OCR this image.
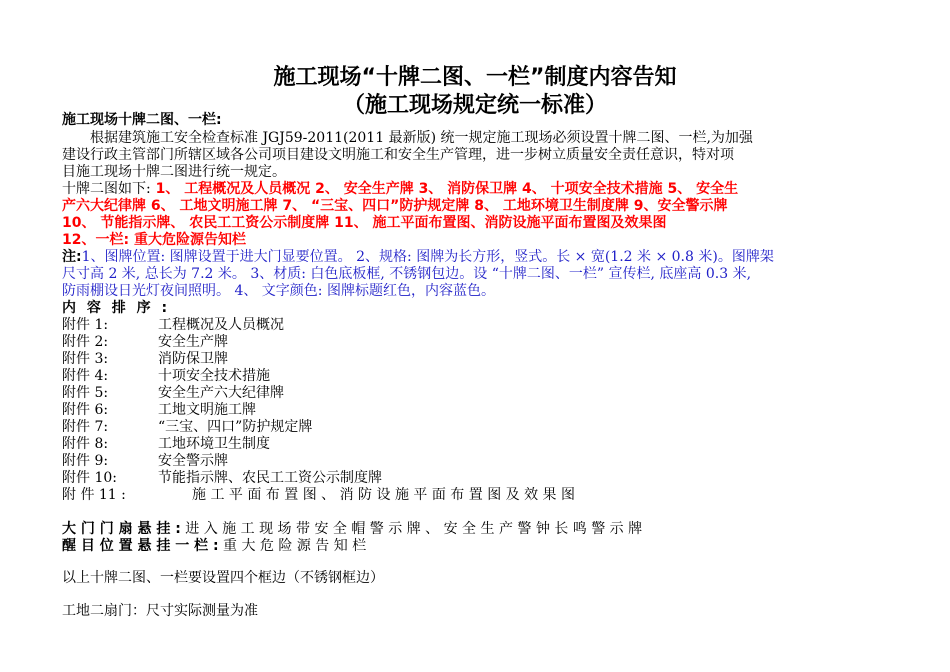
施工现场“十牌二图、一栏”制度内容告知
（施工现场规定统一标准）
施工现场十牌二图、一栏:
根据建筑施工安全检查标准 JGJ59-2011(2011 最新版) 统一规定施工现场必须设置十牌二图、一栏,为加强
建设行政主管部门所辖区域各公司项目建设文明施工和安全生产管理，进一步树立质量安全责任意识，特对项
目施工现场十牌二图进行统一规定。
十牌二图如下: 1、 工程概况及人员概况 2、 安全生产牌 3、 消防保卫牌 4、 十项安全技术措施 5、 安全生
产六大纪律牌 6、 工地文明施工牌 7、 “三宝、四口”防护规定牌 8、 工地环境卫生制度牌 9、安全警示牌
10、 节能指示牌、 农民工工资公示制度牌 11、 施工平面布置图、消防设施平面布置图及效果图
12、一栏: 重大危险源告知栏
注:1、图牌位置: 图牌设置于进大门显要位置。 2、规格: 图牌为长方形，竖式。长 × 宽(1.2 米 × 0.8 米)。图牌架
尺寸高 2 米, 总长为 7.2 米。 3、材质: 白色底板框, 不锈钢包边。设 “十牌二图、一栏” 宣传栏, 底座高 0.3 米,
防雨棚设日光灯夜间照明。 4、 文字颜色: 图牌标题红色，内容蓝色。
内 容 排 序 :
附件 1:	工程概况及人员概况
附件 2:	安全生产牌
附件 3:	消防保卫牌
附件 4:	十项安全技术措施
附件 5:	安全生产六大纪律牌
附件 6:	工地文明施工牌
附件 7:	“三宝、四口”防护规定牌
附件 8:	工地环境卫生制度
附件 9:	安全警示牌
附件 10:	节能指示牌、农民工工资公示制度牌
附 件 11 :	施 工 平 面 布 置 图 、 消 防 设 施 平 面 布 置 图 及 效 果 图
大 门 门 扇 悬 挂 : 进 入 施 工 现 场 带 安 全 帽 警 示 牌 、 安 全 生 产 警 钟 长 鸣 警 示 牌
醒 目 位 置 悬 挂 一 栏 : 重 大 危 险 源 告 知 栏
以上十牌二图、一栏要设置四个框边（不锈钢框边）
工地二扇门：尺寸实际测量为准
